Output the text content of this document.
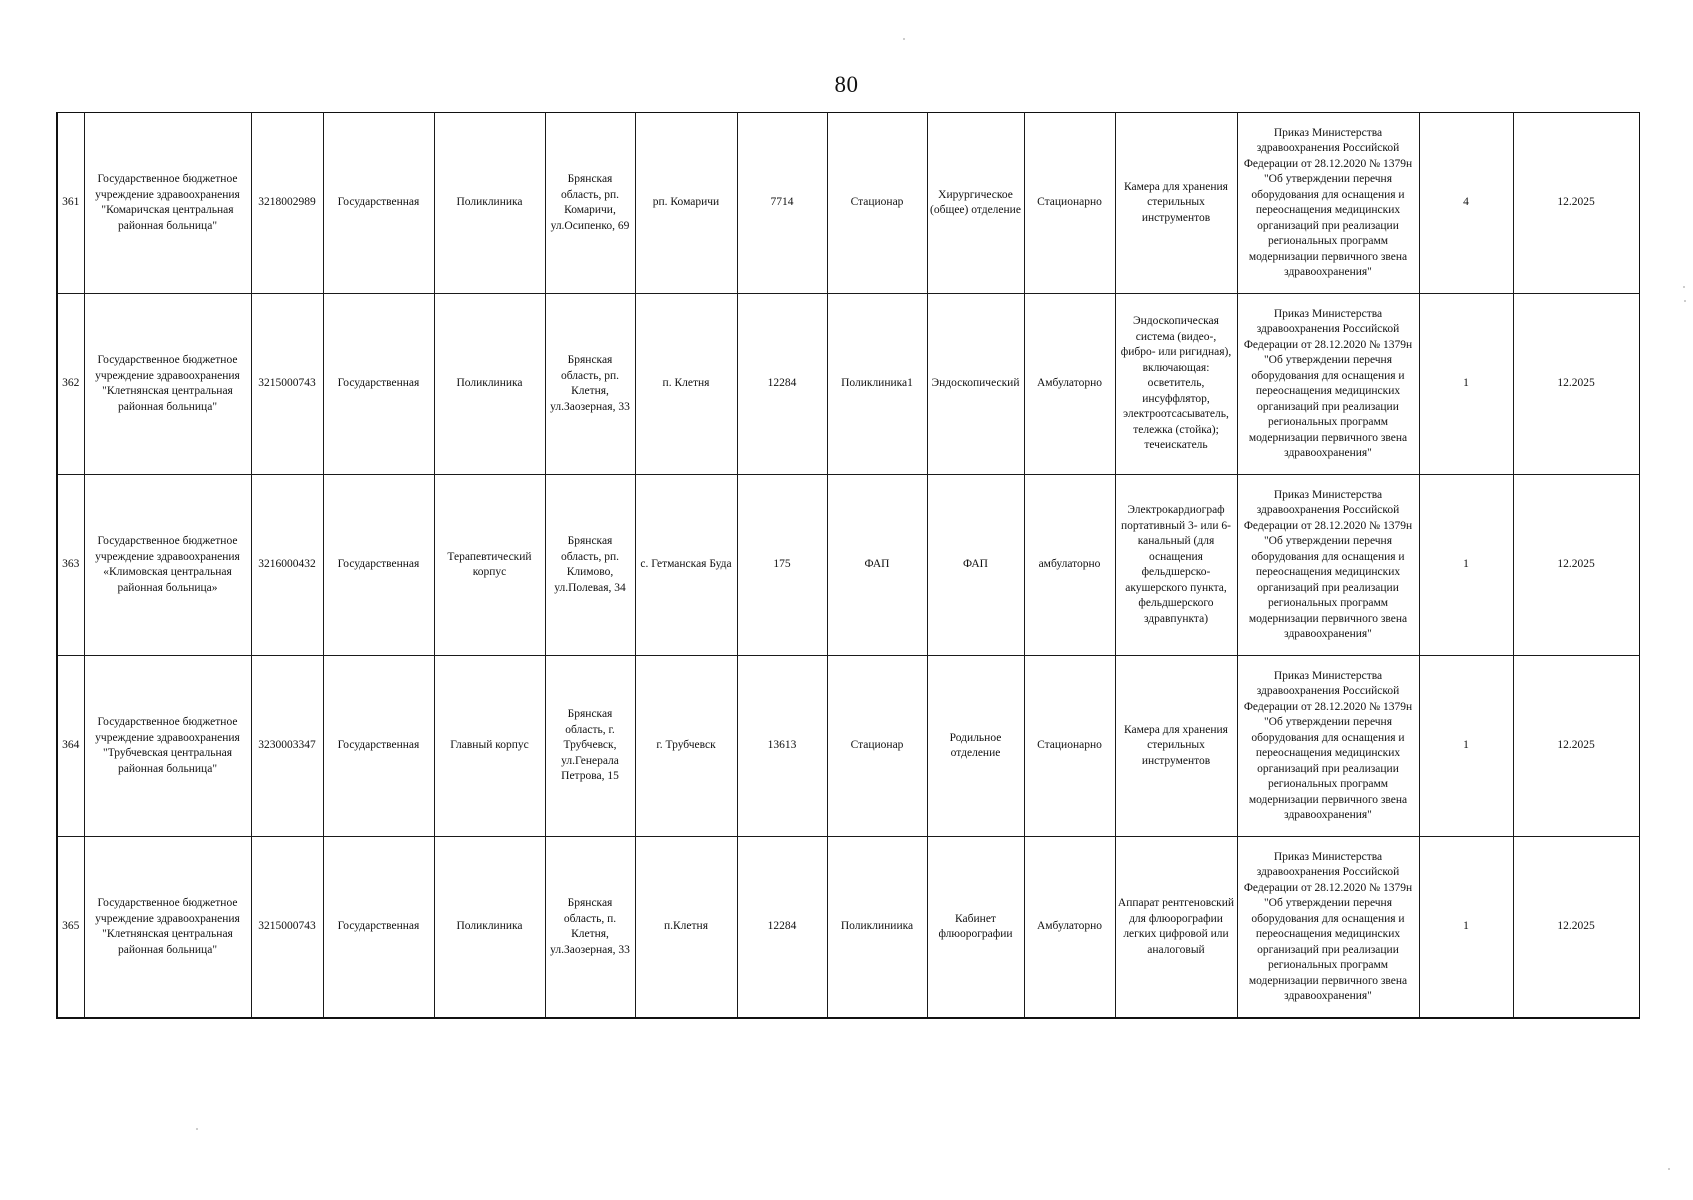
80
361	Государственное бюджетное учреждение здравоохранения "Комаричская центральная районная больница"	3218002989	Государственная	Поликлиника	Брянская область, рп. Комаричи, ул.Осипенко, 69	рп. Комаричи	7714	Стационар	Хирургическое (общее) отделение	Стационарно	Камера для хранения стерильных инструментов	Приказ Министерства здравоохранения Российской Федерации от 28.12.2020 № 1379н "Об утверждении перечня оборудования для оснащения и переоснащения медицинских организаций при реализации региональных программ модернизации первичного звена здравоохранения"	4	12.2025
362	Государственное бюджетное учреждение здравоохранения "Клетнянская центральная районная больница"	3215000743	Государственная	Поликлиника	Брянская область, рп. Клетня, ул.Заозерная, 33	п. Клетня	12284	Поликлиника1	Эндоскопический	Амбулаторно	Эндоскопическая система (видео-, фибро- или ригидная), включающая: осветитель, инсуффлятор, электроотсасыватель, тележка (стойка); течеискатель	Приказ Министерства здравоохранения Российской Федерации от 28.12.2020 № 1379н "Об утверждении перечня оборудования для оснащения и переоснащения медицинских организаций при реализации региональных программ модернизации первичного звена здравоохранения"	1	12.2025
363	Государственное бюджетное учреждение здравоохранения «Климовская центральная районная больница»	3216000432	Государственная	Терапевтический корпус	Брянская область, рп. Климово, ул.Полевая, 34	с. Гетманская Буда	175	ФАП	ФАП	амбулаторно	Электрокардиограф портативный 3- или 6-канальный (для оснащения фельдшерско-акушерского пункта, фельдшерского здравпункта)	Приказ Министерства здравоохранения Российской Федерации от 28.12.2020 № 1379н "Об утверждении перечня оборудования для оснащения и переоснащения медицинских организаций при реализации региональных программ модернизации первичного звена здравоохранения"	1	12.2025
364	Государственное бюджетное учреждение здравоохранения "Трубчевская центральная районная больница"	3230003347	Государственная	Главный корпус	Брянская область, г. Трубчевск, ул.Генерала Петрова, 15	г. Трубчевск	13613	Стационар	Родильное отделение	Стационарно	Камера для хранения стерильных инструментов	Приказ Министерства здравоохранения Российской Федерации от 28.12.2020 № 1379н "Об утверждении перечня оборудования для оснащения и переоснащения медицинских организаций при реализации региональных программ модернизации первичного звена здравоохранения"	1	12.2025
365	Государственное бюджетное учреждение здравоохранения "Клетнянская центральная районная больница"	3215000743	Государственная	Поликлиника	Брянская область, п. Клетня, ул.Заозерная, 33	п.Клетня	12284	Поликлиниика	Кабинет флюорографии	Амбулаторно	Аппарат рентгеновский для флюорографии легких цифровой или аналоговый	Приказ Министерства здравоохранения Российской Федерации от 28.12.2020 № 1379н "Об утверждении перечня оборудования для оснащения и переоснащения медицинских организаций при реализации региональных программ модернизации первичного звена здравоохранения"	1	12.2025
